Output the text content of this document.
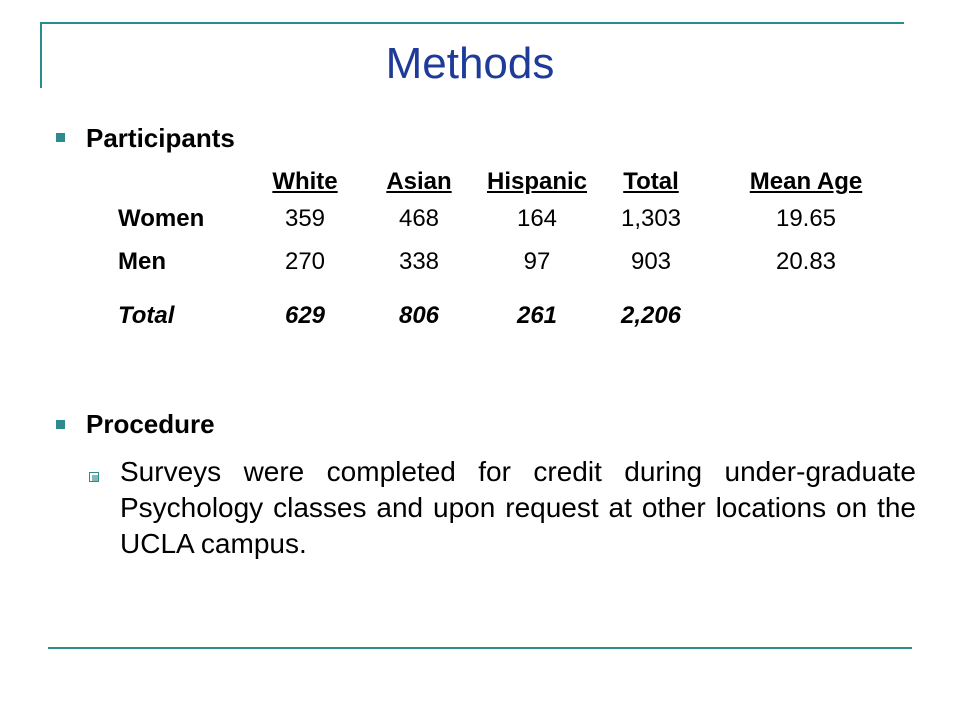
Methods
Participants
	White	Asian	Hispanic	Total	Mean Age
Women	359	468	164	1,303	19.65
Men	270	338	97	903	20.83
Total	629	806	261	2,206	
Procedure
Surveys were completed for credit during under-graduate Psychology classes and upon request at other locations on the UCLA campus.
